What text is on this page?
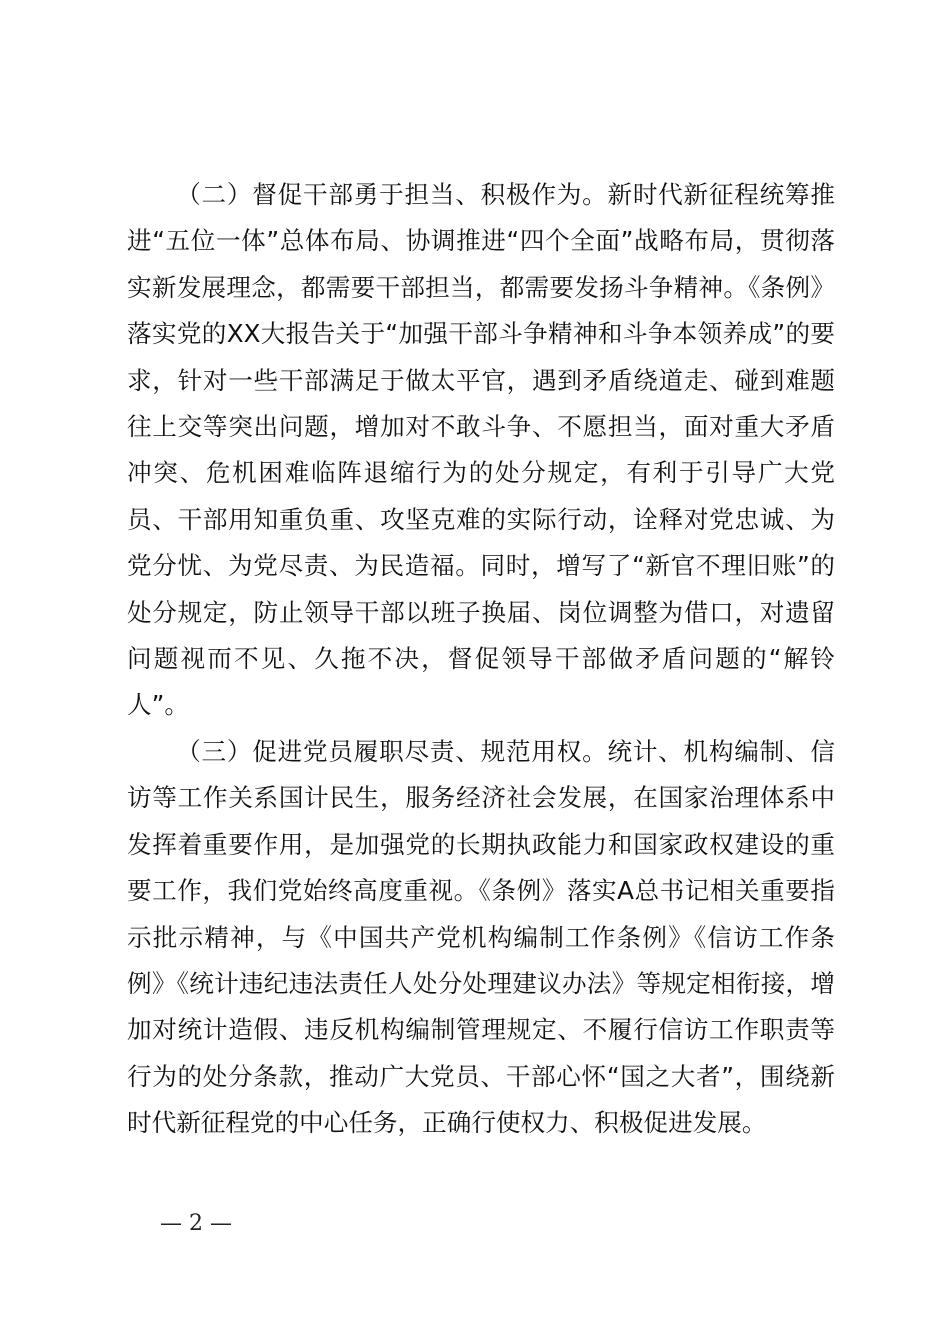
（二）督促干部勇于担当、积极作为。新时代新征程统筹推进“五位一体”总体布局、协调推进“四个全面”战略布局，贯彻落实新发展理念，都需要干部担当，都需要发扬斗争精神。《条例》落实党的XX大报告关于“加强干部斗争精神和斗争本领养成”的要求，针对一些干部满足于做太平官，遇到矛盾绕道走、碰到难题往上交等突出问题，增加对不敢斗争、不愿担当，面对重大矛盾冲突、危机困难临阵退缩行为的处分规定，有利于引导广大党员、干部用知重负重、攻坚克难的实际行动，诠释对党忠诚、为党分忧、为党尽责、为民造福。同时，增写了“新官不理旧账”的处分规定，防止领导干部以班子换届、岗位调整为借口，对遗留问题视而不见、久拖不决，督促领导干部做矛盾问题的“解铃人”。

（三）促进党员履职尽责、规范用权。统计、机构编制、信访等工作关系国计民生，服务经济社会发展，在国家治理体系中发挥着重要作用，是加强党的长期执政能力和国家政权建设的重要工作，我们党始终高度重视。《条例》落实A总书记相关重要指示批示精神，与《中国共产党机构编制工作条例》《信访工作条例》《统计违纪违法责任人处分处理建议办法》等规定相衔接，增加对统计造假、违反机构编制管理规定、不履行信访工作职责等行为的处分条款，推动广大党员、干部心怀“国之大者”，围绕新时代新征程党的中心任务，正确行使权力、积极促进发展。

— 2 —
